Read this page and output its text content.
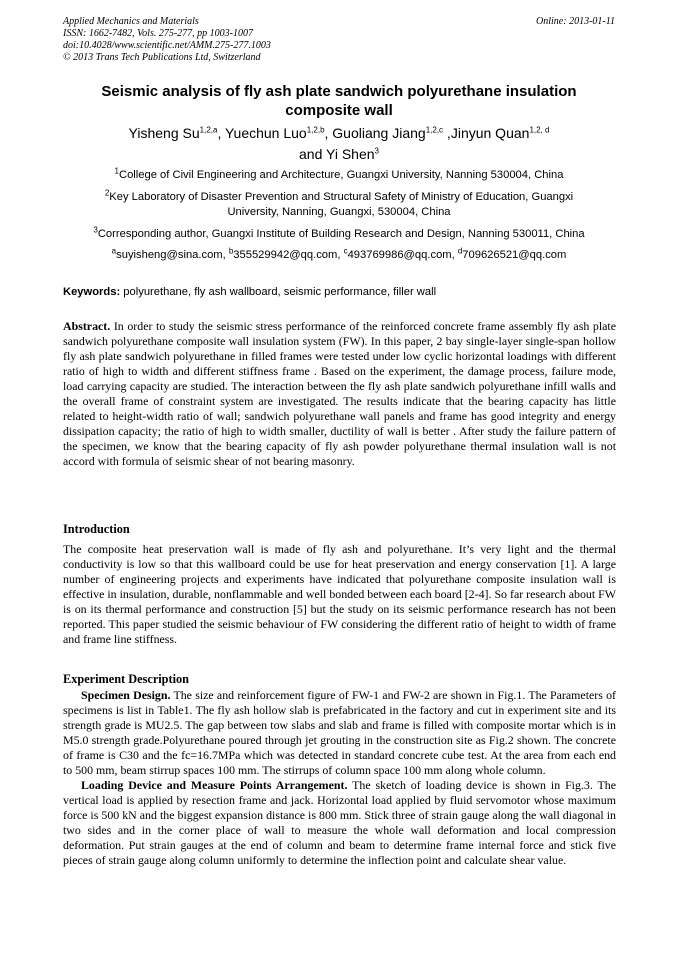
Applied Mechanics and Materials
ISSN: 1662-7482, Vols. 275-277, pp 1003-1007
doi:10.4028/www.scientific.net/AMM.275-277.1003
© 2013 Trans Tech Publications Ltd, Switzerland
Online: 2013-01-11
Seismic analysis of fly ash plate sandwich polyurethane insulation
composite wall
Yisheng Su$^{1,2,a}$, Yuechun Luo$^{1,2,b}$, Guoliang Jiang$^{1,2,c}$ ,Jinyun Quan$^{1,2, d}$
and Yi Shen$^3$
$^1$College of Civil Engineering and Architecture, Guangxi University, Nanning 530004, China
$^2$Key Laboratory of Disaster Prevention and Structural Safety of Ministry of Education, Guangxi
University, Nanning, Guangxi, 530004, China
$^3$Corresponding author, Guangxi Institute of Building Research and Design, Nanning 530011, China
$^a$suyisheng@sina.com, $^b$355529942@qq.com, $^c$493769986@qq.com, $^d$709626521@qq.com
Keywords: polyurethane, fly ash wallboard, seismic performance, filler wall

Abstract. In order to study the seismic stress performance of the reinforced concrete frame assembly fly ash plate sandwich polyurethane composite wall insulation system (FW). In this paper, 2 bay single-layer single-span hollow fly ash plate sandwich polyurethane in filled frames were tested under low cyclic horizontal loadings with different ratio of high to width and different stiffness frame . Based on the experiment, the damage process, failure mode, load carrying capacity are studied. The interaction between the fly ash plate sandwich polyurethane infill walls and the overall frame of constraint system are investigated. The results indicate that the bearing capacity has little related to height-width ratio of wall; sandwich polyurethane wall panels and frame has good integrity and energy dissipation capacity; the ratio of high to width smaller, ductility of wall is better . After study the failure pattern of the specimen, we know that the bearing capacity of fly ash powder polyurethane thermal insulation wall is not accord with formula of seismic shear of not bearing masonry.

Introduction

The composite heat preservation wall is made of fly ash and polyurethane. It’s very light and the thermal conductivity is low so that this wallboard could be use for heat preservation and energy conservation [1]. A large number of engineering projects and experiments have indicated that polyurethane composite insulation wall is effective in insulation, durable, nonflammable and well bonded between each board [2-4]. So far research about FW is on its thermal performance and construction [5] but the study on its seismic performance research has not been reported. This paper studied the seismic behaviour of FW considering the different ratio of height to width of frame and frame line stiffness.

Experiment Description

Specimen Design. The size and reinforcement figure of FW-1 and FW-2 are shown in Fig.1. The Parameters of specimens is list in Table1. The fly ash hollow slab is prefabricated in the factory and cut in experiment site and its strength grade is MU2.5. The gap between tow slabs and slab and frame is filled with composite mortar which is in M5.0 strength grade.Polyurethane poured through jet grouting in the construction site as Fig.2 shown. The concrete of frame is C30 and the fc=16.7MPa which was detected in standard concrete cube test. At the area from each end to 500 mm, beam stirrup spaces 100 mm. The stirrups of column space 100 mm along whole column.

Loading Device and Measure Points Arrangement. The sketch of loading device is shown in Fig.3. The vertical load is applied by resection frame and jack. Horizontal load applied by fluid servomotor whose maximum force is 500 kN and the biggest expansion distance is 800 mm. Stick three of strain gauge along the wall diagonal in two sides and in the corner place of wall to measure the whole wall deformation and local compression deformation. Put strain gauges at the end of column and beam to determine frame internal force and stick five pieces of strain gauge along column uniformly to determine the inflection point and calculate shear value.
